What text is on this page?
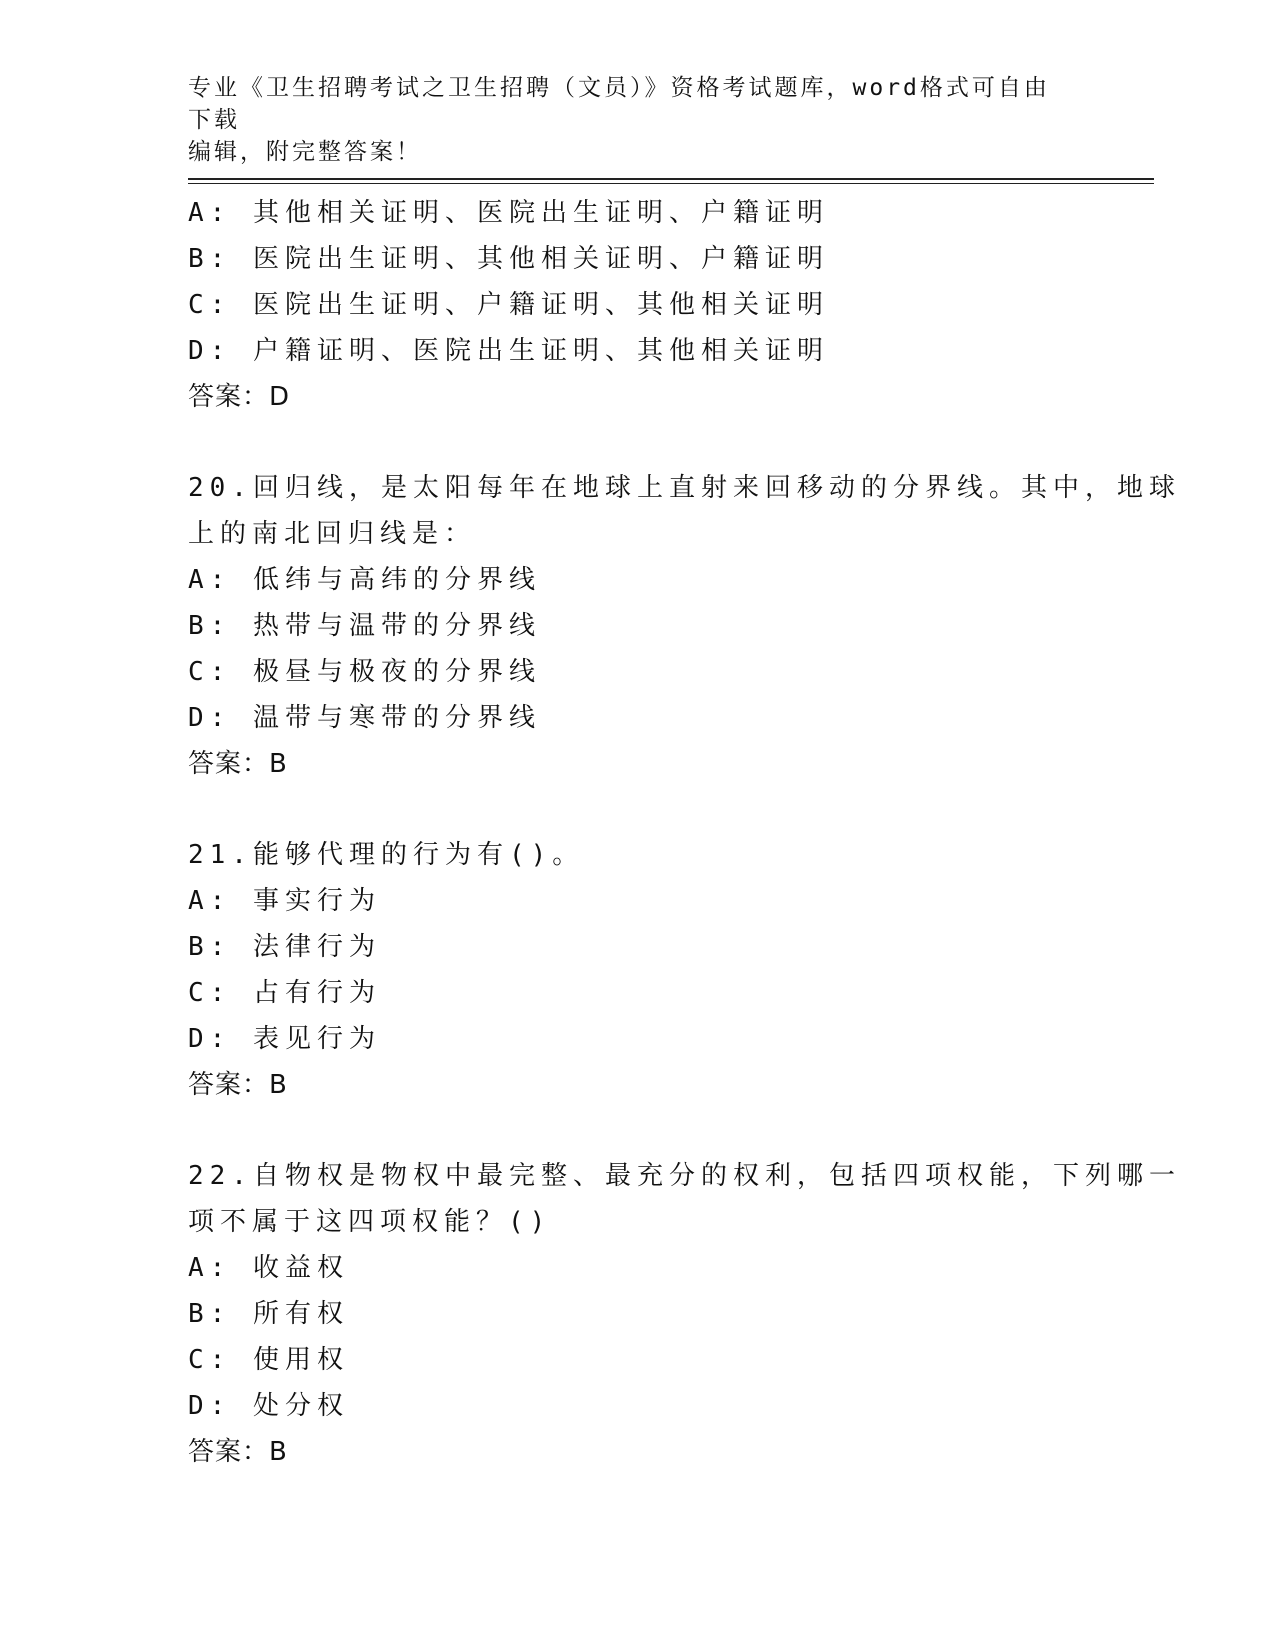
专业《卫生招聘考试之卫生招聘（文员）》资格考试题库，word格式可自由下载
编辑，附完整答案！
A: 其他相关证明、医院出生证明、户籍证明
B: 医院出生证明、其他相关证明、户籍证明
C: 医院出生证明、户籍证明、其他相关证明
D: 户籍证明、医院出生证明、其他相关证明
答案：D
20.回归线，是太阳每年在地球上直射来回移动的分界线。其中，地球
上的南北回归线是：
A: 低纬与高纬的分界线
B: 热带与温带的分界线
C: 极昼与极夜的分界线
D: 温带与寒带的分界线
答案：B
21.能够代理的行为有()。
A: 事实行为
B: 法律行为
C: 占有行为
D: 表见行为
答案：B
22.自物权是物权中最完整、最充分的权利，包括四项权能，下列哪一
项不属于这四项权能？()
A: 收益权
B: 所有权
C: 使用权
D: 处分权
答案：B
